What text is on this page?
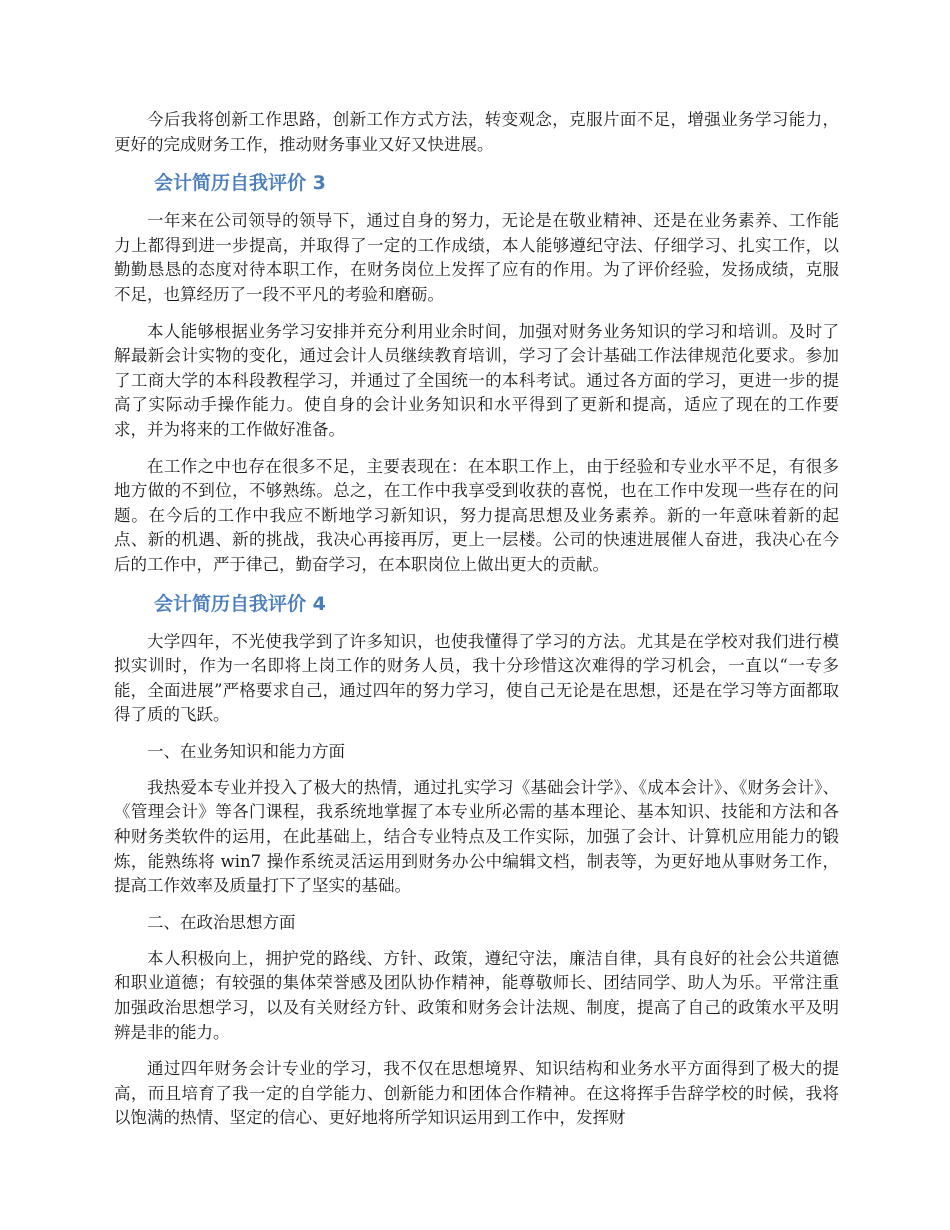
今后我将创新工作思路，创新工作方式方法，转变观念，克服片面不足，增强业务学习能力，更好的完成财务工作，推动财务事业又好又快进展。

会计简历自我评价 3

一年来在公司领导的领导下，通过自身的努力，无论是在敬业精神、还是在业务素养、工作能力上都得到进一步提高，并取得了一定的工作成绩，本人能够遵纪守法、仔细学习、扎实工作，以勤勤恳恳的态度对待本职工作，在财务岗位上发挥了应有的作用。为了评价经验，发扬成绩，克服不足，也算经历了一段不平凡的考验和磨砺。

本人能够根据业务学习安排并充分利用业余时间，加强对财务业务知识的学习和培训。及时了解最新会计实物的变化，通过会计人员继续教育培训，学习了会计基础工作法律规范化要求。参加了工商大学的本科段教程学习，并通过了全国统一的本科考试。通过各方面的学习，更进一步的提高了实际动手操作能力。使自身的会计业务知识和水平得到了更新和提高，适应了现在的工作要求，并为将来的工作做好准备。

在工作之中也存在很多不足，主要表现在：在本职工作上，由于经验和专业水平不足，有很多地方做的不到位，不够熟练。总之，在工作中我享受到收获的喜悦，也在工作中发现一些存在的问题。在今后的工作中我应不断地学习新知识，努力提高思想及业务素养。新的一年意味着新的起点、新的机遇、新的挑战，我决心再接再厉，更上一层楼。公司的快速进展催人奋进，我决心在今后的工作中，严于律己，勤奋学习，在本职岗位上做出更大的贡献。

会计简历自我评价 4

大学四年，不光使我学到了许多知识，也使我懂得了学习的方法。尤其是在学校对我们进行模拟实训时，作为一名即将上岗工作的财务人员，我十分珍惜这次难得的学习机会，一直以“一专多能，全面进展”严格要求自己，通过四年的努力学习，使自己无论是在思想，还是在学习等方面都取得了质的飞跃。

一、在业务知识和能力方面

我热爱本专业并投入了极大的热情，通过扎实学习《基础会计学》、《成本会计》、《财务会计》、《管理会计》等各门课程，我系统地掌握了本专业所必需的基本理论、基本知识、技能和方法和各种财务类软件的运用，在此基础上，结合专业特点及工作实际，加强了会计、计算机应用能力的锻炼，能熟练将 win7 操作系统灵活运用到财务办公中编辑文档，制表等，为更好地从事财务工作，提高工作效率及质量打下了坚实的基础。

二、在政治思想方面

本人积极向上，拥护党的路线、方针、政策，遵纪守法，廉洁自律，具有良好的社会公共道德和职业道德；有较强的集体荣誉感及团队协作精神，能尊敬师长、团结同学、助人为乐。平常注重加强政治思想学习，以及有关财经方针、政策和财务会计法规、制度，提高了自己的政策水平及明辨是非的能力。

通过四年财务会计专业的学习，我不仅在思想境界、知识结构和业务水平方面得到了极大的提高，而且培育了我一定的自学能力、创新能力和团体合作精神。在这将挥手告辞学校的时候，我将以饱满的热情、坚定的信心、更好地将所学知识运用到工作中，发挥财
